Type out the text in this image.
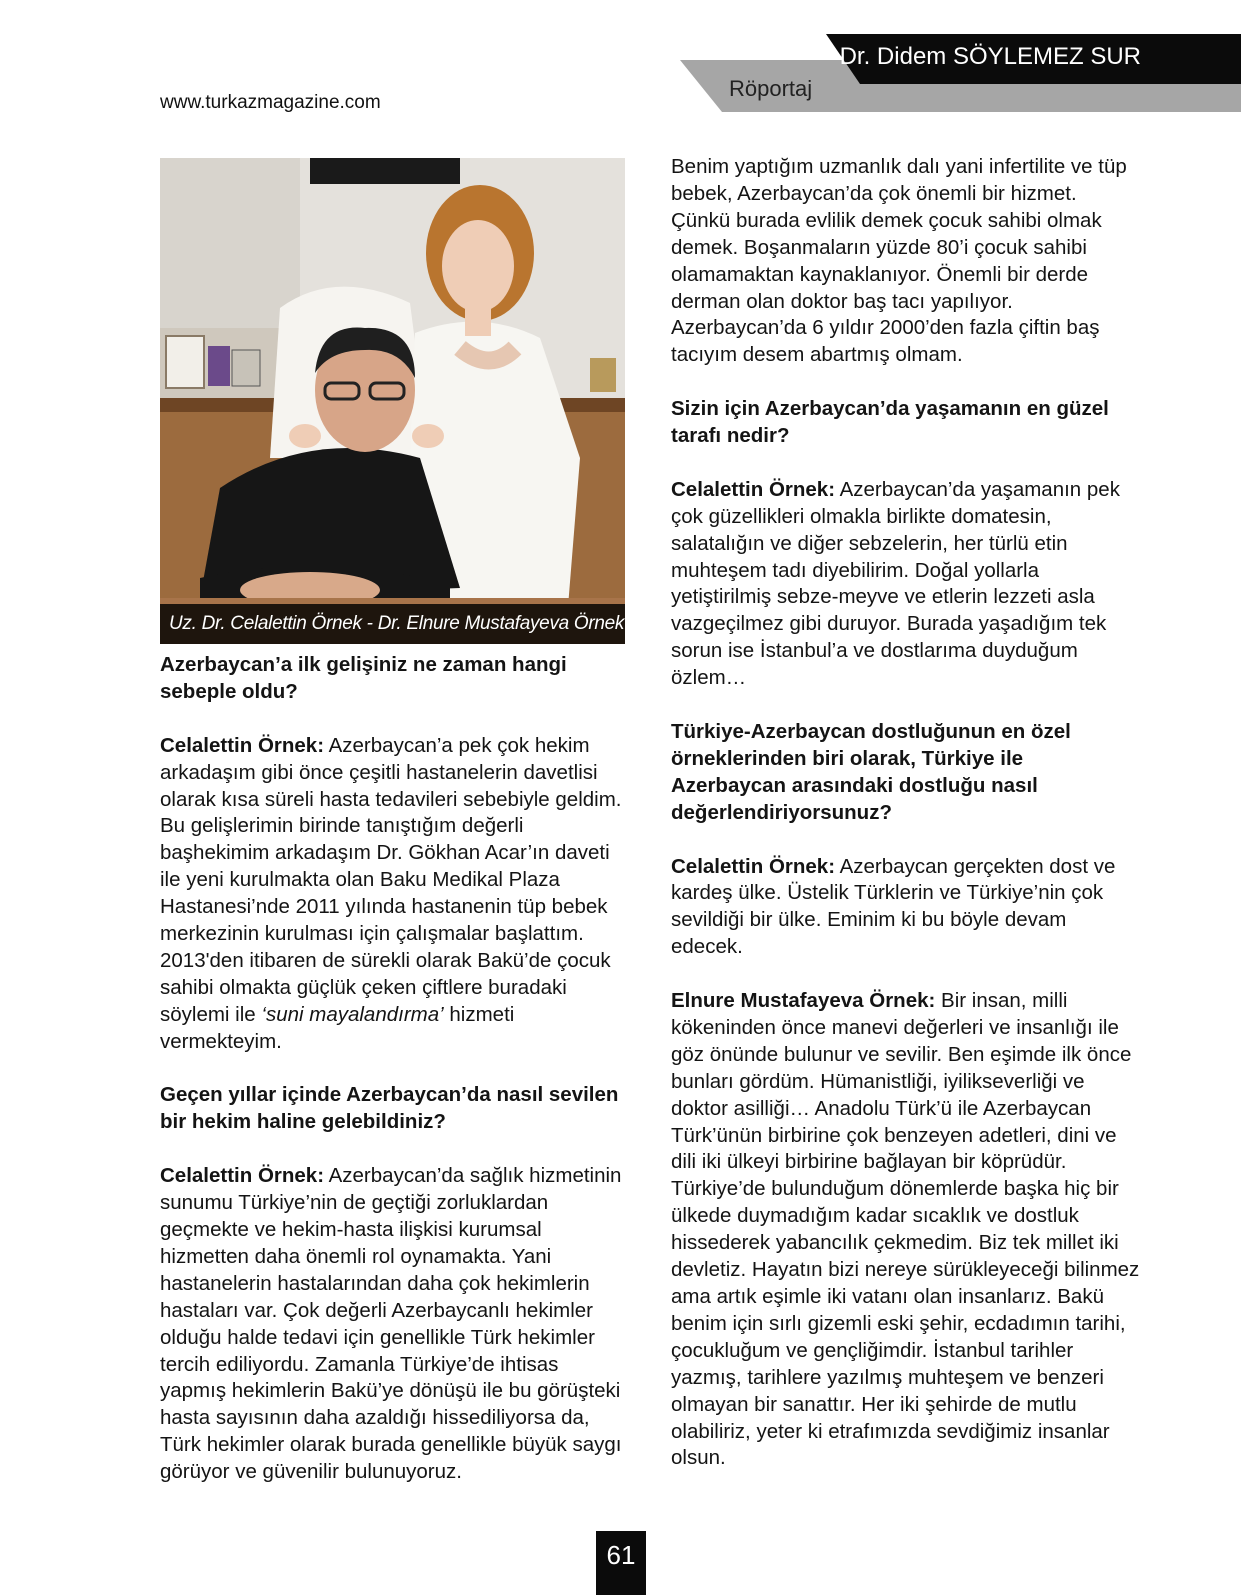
Dr. Didem SÖYLEMEZ SUR
Röportaj
www.turkazmagazine.com
Uz. Dr. Celalettin Örnek - Dr. Elnure Mustafayeva Örnek

Azerbaycan’a ilk gelişiniz ne zaman hangi sebeple oldu?

Celalettin Örnek: Azerbaycan’a pek çok hekim arkadaşım gibi önce çeşitli hastanelerin davetlisi olarak kısa süreli hasta tedavileri sebebiyle geldim. Bu gelişlerimin birinde tanıştığım değerli başhekimim arkadaşım Dr. Gökhan Acar’ın daveti ile yeni kurulmakta olan Baku Medikal Plaza Hastanesi’nde 2011 yılında hastanenin tüp bebek merkezinin kurulması için çalışmalar başlattım. 2013'den itibaren de sürekli olarak Bakü’de çocuk sahibi olmakta güçlük çeken çiftlere buradaki söylemi ile ‘suni mayalandırma’ hizmeti vermekteyim.

Geçen yıllar içinde Azerbaycan’da nasıl sevilen bir hekim haline gelebildiniz?

Celalettin Örnek: Azerbaycan’da sağlık hizmetinin sunumu Türkiye’nin de geçtiği zorluklardan geçmekte ve hekim-hasta ilişkisi kurumsal hizmetten daha önemli rol oynamakta. Yani hastanelerin hastalarından daha çok hekimlerin hastaları var. Çok değerli Azerbaycanlı hekimler olduğu halde tedavi için genellikle Türk hekimler tercih ediliyordu. Zamanla Türkiye’de ihtisas yapmış hekimlerin Bakü’ye dönüşü ile bu görüşteki hasta sayısının daha azaldığı hissediliyorsa da, Türk hekimler olarak burada genellikle büyük saygı görüyor ve güvenilir bulunuyoruz.

Benim yaptığım uzmanlık dalı yani infertilite ve tüp bebek, Azerbaycan’da çok önemli bir hizmet. Çünkü burada evlilik demek çocuk sahibi olmak demek. Boşanmaların yüzde 80’i çocuk sahibi olamamaktan kaynaklanıyor. Önemli bir derde derman olan doktor baş tacı yapılıyor. Azerbaycan’da 6 yıldır 2000’den fazla çiftin baş tacıyım desem abartmış olmam.

Sizin için Azerbaycan’da yaşamanın en güzel tarafı nedir?

Celalettin Örnek: Azerbaycan’da yaşamanın pek çok güzellikleri olmakla birlikte domatesin, salatalığın ve diğer sebzelerin, her türlü etin muhteşem tadı diyebilirim. Doğal yollarla yetiştirilmiş sebze-meyve ve etlerin lezzeti asla vazgeçilmez gibi duruyor. Burada yaşadığım tek sorun ise İstanbul’a ve dostlarıma duyduğum özlem…

Türkiye-Azerbaycan dostluğunun en özel örneklerinden biri olarak, Türkiye ile Azerbaycan arasındaki dostluğu nasıl değerlendiriyorsunuz?

Celalettin Örnek: Azerbaycan gerçekten dost ve kardeş ülke. Üstelik Türklerin ve Türkiye’nin çok sevildiği bir ülke. Eminim ki bu böyle devam edecek.

Elnure Mustafayeva Örnek: Bir insan, milli kökeninden önce manevi değerleri ve insanlığı ile göz önünde bulunur ve sevilir. Ben eşimde ilk önce bunları gördüm. Hümanistliği, iyilikseverliği ve doktor asilliği… Anadolu Türk’ü ile Azerbaycan Türk’ünün birbirine çok benzeyen adetleri, dini ve dili iki ülkeyi birbirine bağlayan bir köprüdür. Türkiye’de bulunduğum dönemlerde başka hiç bir ülkede duymadığım kadar sıcaklık ve dostluk hissederek yabancılık çekmedim. Biz tek millet iki devletiz. Hayatın bizi nereye sürükleyeceği bilinmez ama artık eşimle iki vatanı olan insanlarız. Bakü benim için sırlı gizemli eski şehir, ecdadımın tarihi, çocukluğum ve gençliğimdir. İstanbul tarihler yazmış, tarihlere yazılmış muhteşem ve benzeri olmayan bir sanattır. Her iki şehirde de mutlu olabiliriz, yeter ki etrafımızda sevdiğimiz insanlar olsun.

61
